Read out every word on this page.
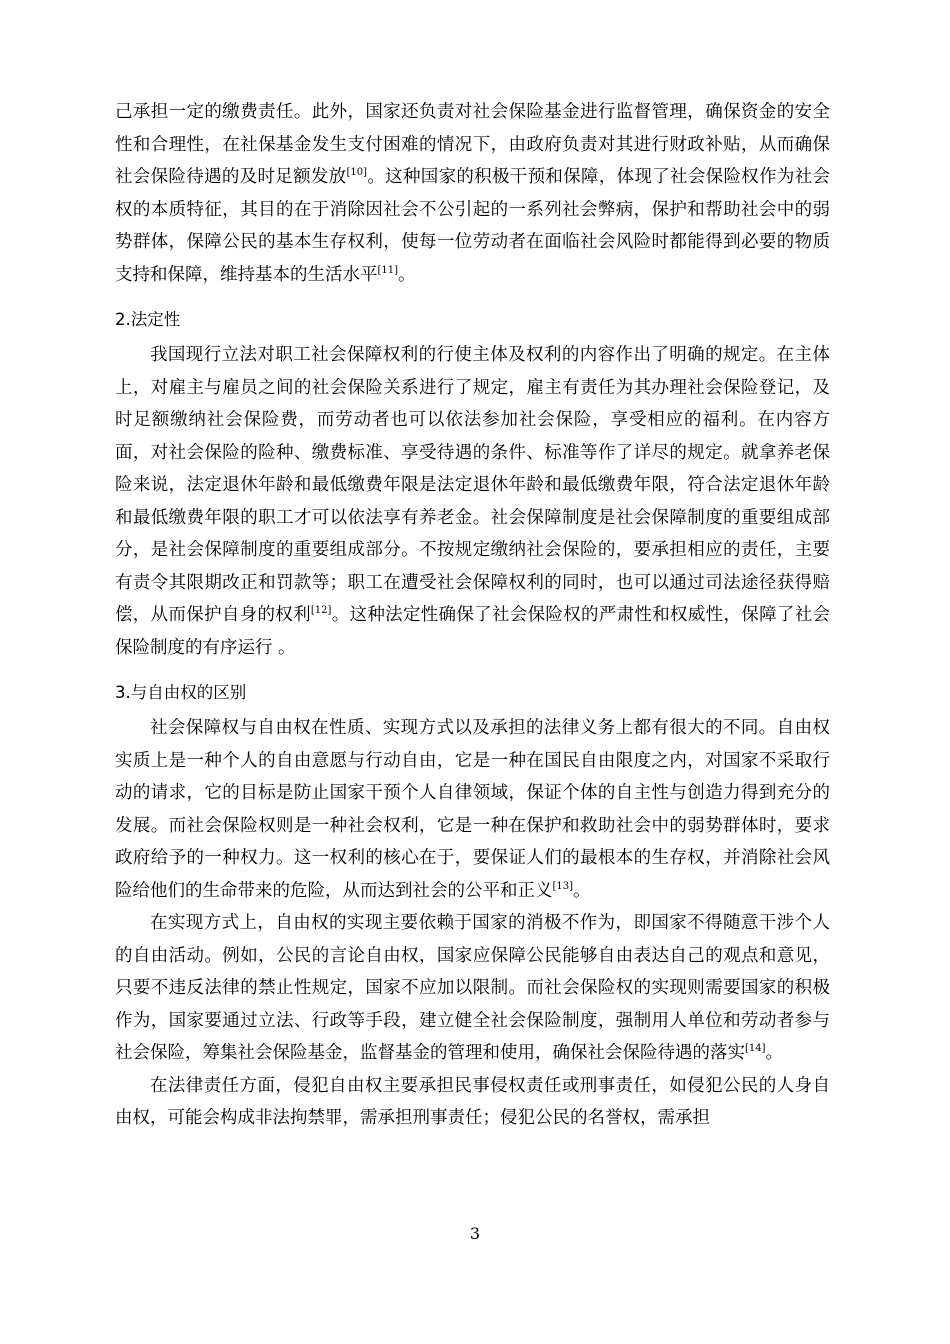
己承担一定的缴费责任。此外，国家还负责对社会保险基金进行监督管理，确保资金的安全性和合理性，在社保基金发生支付困难的情况下，由政府负责对其进行财政补贴，从而确保社会保险待遇的及时足额发放[10]。这种国家的积极干预和保障，体现了社会保险权作为社会权的本质特征，其目的在于消除因社会不公引起的一系列社会弊病，保护和帮助社会中的弱势群体，保障公民的基本生存权利，使每一位劳动者在面临社会风险时都能得到必要的物质支持和保障，维持基本的生活水平[11]。

2.法定性

我国现行立法对职工社会保障权利的行使主体及权利的内容作出了明确的规定。在主体上，对雇主与雇员之间的社会保险关系进行了规定，雇主有责任为其办理社会保险登记，及时足额缴纳社会保险费，而劳动者也可以依法参加社会保险，享受相应的福利。在内容方面，对社会保险的险种、缴费标准、享受待遇的条件、标准等作了详尽的规定。就拿养老保险来说，法定退休年龄和最低缴费年限是法定退休年龄和最低缴费年限，符合法定退休年龄和最低缴费年限的职工才可以依法享有养老金。社会保障制度是社会保障制度的重要组成部分，是社会保障制度的重要组成部分。不按规定缴纳社会保险的，要承担相应的责任，主要有责令其限期改正和罚款等；职工在遭受社会保障权利的同时，也可以通过司法途径获得赔偿，从而保护自身的权利[12]。这种法定性确保了社会保险权的严肃性和权威性，保障了社会保险制度的有序运行 。

3.与自由权的区别

社会保障权与自由权在性质、实现方式以及承担的法律义务上都有很大的不同。自由权实质上是一种个人的自由意愿与行动自由，它是一种在国民自由限度之内，对国家不采取行动的请求，它的目标是防止国家干预个人自律领域，保证个体的自主性与创造力得到充分的发展。而社会保险权则是一种社会权利，它是一种在保护和救助社会中的弱势群体时，要求政府给予的一种权力。这一权利的核心在于，要保证人们的最根本的生存权，并消除社会风险给他们的生命带来的危险，从而达到社会的公平和正义[13]。

在实现方式上，自由权的实现主要依赖于国家的消极不作为，即国家不得随意干涉个人的自由活动。例如，公民的言论自由权，国家应保障公民能够自由表达自己的观点和意见，只要不违反法律的禁止性规定，国家不应加以限制。而社会保险权的实现则需要国家的积极作为，国家要通过立法、行政等手段，建立健全社会保险制度，强制用人单位和劳动者参与社会保险，筹集社会保险基金，监督基金的管理和使用，确保社会保险待遇的落实[14]。

在法律责任方面，侵犯自由权主要承担民事侵权责任或刑事责任，如侵犯公民的人身自由权，可能会构成非法拘禁罪，需承担刑事责任；侵犯公民的名誉权，需承担

3
